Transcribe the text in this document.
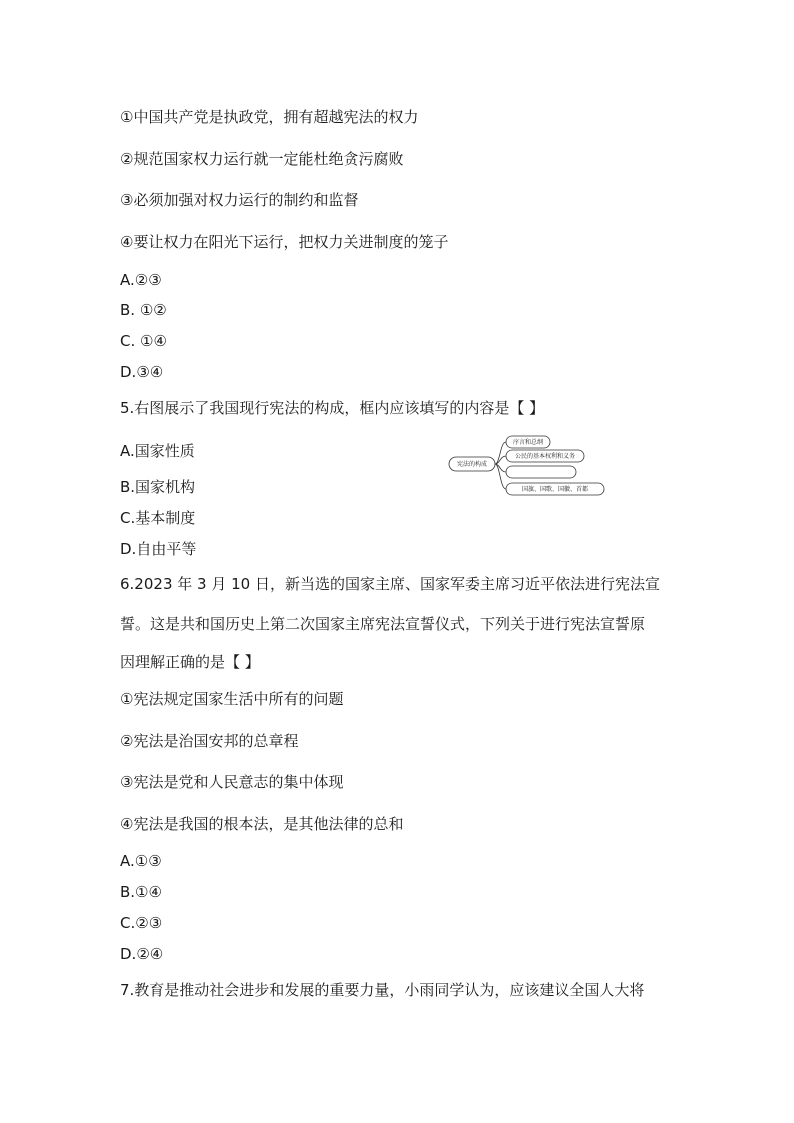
①中国共产党是执政党，拥有超越宪法的权力
②规范国家权力运行就一定能杜绝贪污腐败
③必须加强对权力运行的制约和监督
④要让权力在阳光下运行，把权力关进制度的笼子
A.②③
B. ①②
C. ①④
D.③④
5.右图展示了我国现行宪法的构成，框内应该填写的内容是【 】
A.国家性质
B.国家机构
C.基本制度
D.自由平等
宪法的构成
序言和总纲
公民的基本权利和义务
国旗、国歌、国徽、首都
6.2023 年 3 月 10 日，新当选的国家主席、国家军委主席习近平依法进行宪法宣
誓。这是共和国历史上第二次国家主席宪法宣誓仪式，下列关于进行宪法宣誓原
因理解正确的是【 】
①宪法规定国家生活中所有的问题
②宪法是治国安邦的总章程
③宪法是党和人民意志的集中体现
④宪法是我国的根本法，是其他法律的总和
A.①③
B.①④
C.②③
D.②④
7.教育是推动社会进步和发展的重要力量，小雨同学认为，应该建议全国人大将
